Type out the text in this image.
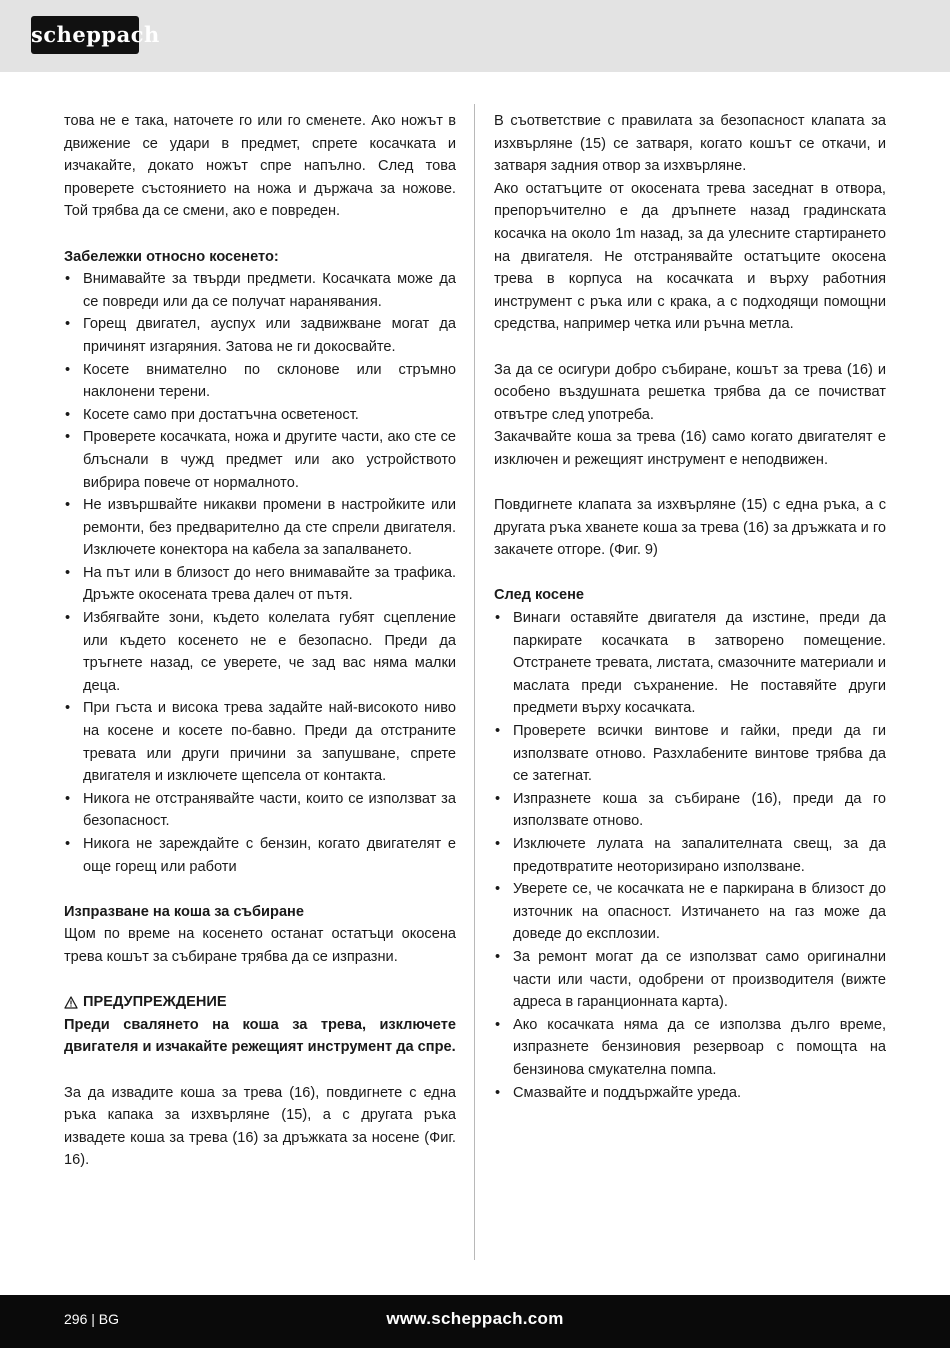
scheppach

това не е така, наточете го или го сменете. Ако ножът в движение се удари в предмет, спрете косачката и изчакайте, докато ножът спре напълно. След това проверете състоянието на ножа и държача за ножове. Той трябва да се смени, ако е повреден.

Забележки относно косенето:

• Внимавайте за твърди предмети. Косачката може да се повреди или да се получат наранявания.
• Горещ двигател, ауспух или задвижване могат да причинят изгаряния. Затова не ги докосвайте.
• Косете внимателно по склонове или стръмно наклонени терени.
• Косете само при достатъчна осветеност.
• Проверете косачката, ножа и другите части, ако сте се блъснали в чужд предмет или ако устройството вибрира повече от нормалното.
• Не извършвайте никакви промени в настройките или ремонти, без предварително да сте спрели двигателя. Изключете конектора на кабела за запалването.
• На път или в близост до него внимавайте за трафика. Дръжте окосената трева далеч от пътя.
• Избягвайте зони, където колелата губят сцепление или където косенето не е безопасно. Преди да тръгнете назад, се уверете, че зад вас няма малки деца.
• При гъста и висока трева задайте най-високото ниво на косене и косете по-бавно. Преди да отстраните тревата или други причини за запушване, спрете двигателя и изключете щепсела от контакта.
• Никога не отстранявайте части, които се използват за безопасност.
• Никога не зареждайте с бензин, когато двигателят е още горещ или работи

Изпразване на коша за събиране

Щом по време на косенето останат остатъци окосена трева кошът за събиране трябва да се изпразни.

ПРЕДУПРЕЖДЕНИЕ

Преди свалянето на коша за трева, изключете двигателя и изчакайте режещият инструмент да спре.

За да извадите коша за трева (16), повдигнете с една ръка капака за изхвърляне (15), а с другата ръка извадете коша за трева (16) за дръжката за носене (Фиг. 16).

В съответствие с правилата за безопасност клапата за изхвърляне (15) се затваря, когато кошът се откачи, и затваря задния отвор за изхвърляне.

Ако остатъците от окосената трева заседнат в отвора, препоръчително е да дръпнете назад градинската косачка на около 1m назад, за да улесните стартирането на двигателя. Не отстранявайте остатъците окосена трева в корпуса на косачката и върху работния инструмент с ръка или с крака, а с подходящи помощни средства, например четка или ръчна метла.

За да се осигури добро събиране, кошът за трева (16) и особено въздушната решетка трябва да се почистват отвътре след употреба.

Закачвайте коша за трева (16) само когато двигателят е изключен и режещият инструмент е неподвижен.

Повдигнете клапата за изхвърляне (15) с една ръка, а с другата ръка хванете коша за трева (16) за дръжката и го закачете отгоре. (Фиг. 9)

След косене

• Винаги оставяйте двигателя да изстине, преди да паркирате косачката в затворено помещение. Отстранете тревата, листата, смазочните материали и маслата преди съхранение. Не поставяйте други предмети върху косачката.
• Проверете всички винтове и гайки, преди да ги използвате отново. Разхлабените винтове трябва да се затегнат.
• Изпразнете коша за събиране (16), преди да го използвате отново.
• Изключете лулата на запалителната свещ, за да предотвратите неоторизирано използване.
• Уверете се, че косачката не е паркирана в близост до източник на опасност. Изтичането на газ може да доведе до експлозии.
• За ремонт могат да се използват само оригинални части или части, одобрени от производителя (вижте адреса в гаранционната карта).
• Ако косачката няма да се използва дълго време, изпразнете бензиновия резервоар с помощта на бензинова смукателна помпа.
• Смазвайте и поддържайте уреда.
296 | BG	www.scheppach.com
